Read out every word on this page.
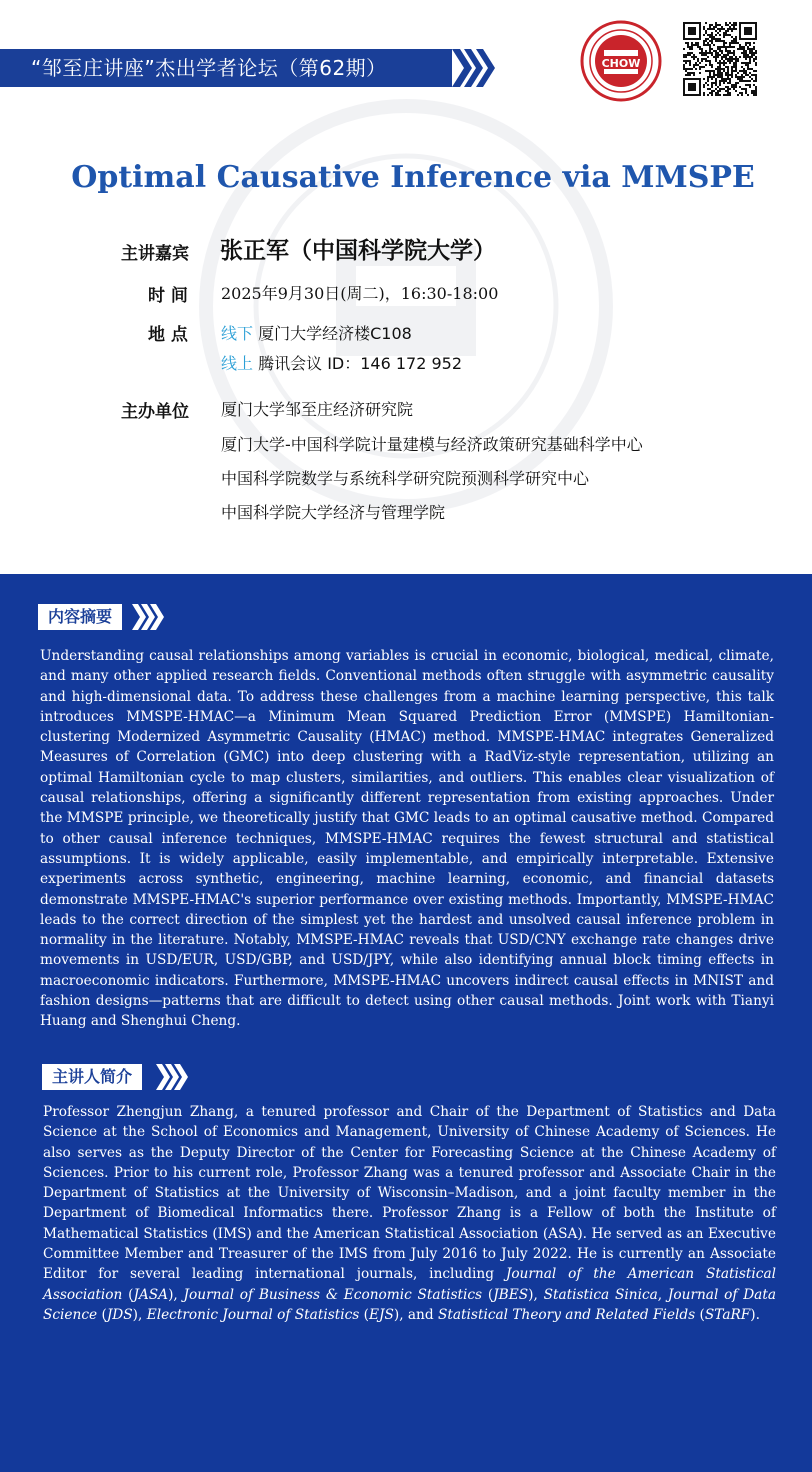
“邹至庄讲座”杰出学者论坛（第62期）	CHOW
Optimal Causative Inference via MMSPE
主讲嘉宾 张正军（中国科学院大学）
时 间 2025年9月30日(周二)，16:30-18:00
地 点 线下 厦门大学经济楼C108
线上 腾讯会议 ID：146 172 952
主办单位 厦门大学邹至庄经济研究院
厦门大学-中国科学院计量建模与经济政策研究基础科学中心
中国科学院数学与系统科学研究院预测科学研究中心
中国科学院大学经济与管理学院
内容摘要

Understanding causal relationships among variables is crucial in economic, biological, medical, climate, and many other applied research fields. Conventional methods often struggle with asymmetric causality and high-dimensional data. To address these challenges from a machine learning perspective, this talk introduces MMSPE-HMAC—a Minimum Mean Squared Prediction Error (MMSPE) Hamiltonian-clustering Modernized Asymmetric Causality (HMAC) method. MMSPE-HMAC integrates Generalized Measures of Correlation (GMC) into deep clustering with a RadViz-style representation, utilizing an optimal Hamiltonian cycle to map clusters, similarities, and outliers. This enables clear visualization of causal relationships, offering a significantly different representation from existing approaches. Under the MMSPE principle, we theoretically justify that GMC leads to an optimal causative method. Compared to other causal inference techniques, MMSPE-HMAC requires the fewest structural and statistical assumptions. It is widely applicable, easily implementable, and empirically interpretable. Extensive experiments across synthetic, engineering, machine learning, economic, and financial datasets demonstrate MMSPE-HMAC's superior performance over existing methods. Importantly, MMSPE-HMAC leads to the correct direction of the simplest yet the hardest and unsolved causal inference problem in normality in the literature. Notably, MMSPE-HMAC reveals that USD/CNY exchange rate changes drive movements in USD/EUR, USD/GBP, and USD/JPY, while also identifying annual block timing effects in macroeconomic indicators. Furthermore, MMSPE-HMAC uncovers indirect causal effects in MNIST and fashion designs—patterns that are difficult to detect using other causal methods. Joint work with Tianyi Huang and Shenghui Cheng.

主讲人简介

Professor Zhengjun Zhang, a tenured professor and Chair of the Department of Statistics and Data Science at the School of Economics and Management, University of Chinese Academy of Sciences. He also serves as the Deputy Director of the Center for Forecasting Science at the Chinese Academy of Sciences. Prior to his current role, Professor Zhang was a tenured professor and Associate Chair in the Department of Statistics at the University of Wisconsin–Madison, and a joint faculty member in the Department of Biomedical Informatics there. Professor Zhang is a Fellow of both the Institute of Mathematical Statistics (IMS) and the American Statistical Association (ASA). He served as an Executive Committee Member and Treasurer of the IMS from July 2016 to July 2022. He is currently an Associate Editor for several leading international journals, including Journal of the American Statistical Association (JASA), Journal of Business & Economic Statistics (JBES), Statistica Sinica, Journal of Data Science (JDS), Electronic Journal of Statistics (EJS), and Statistical Theory and Related Fields (STaRF).
